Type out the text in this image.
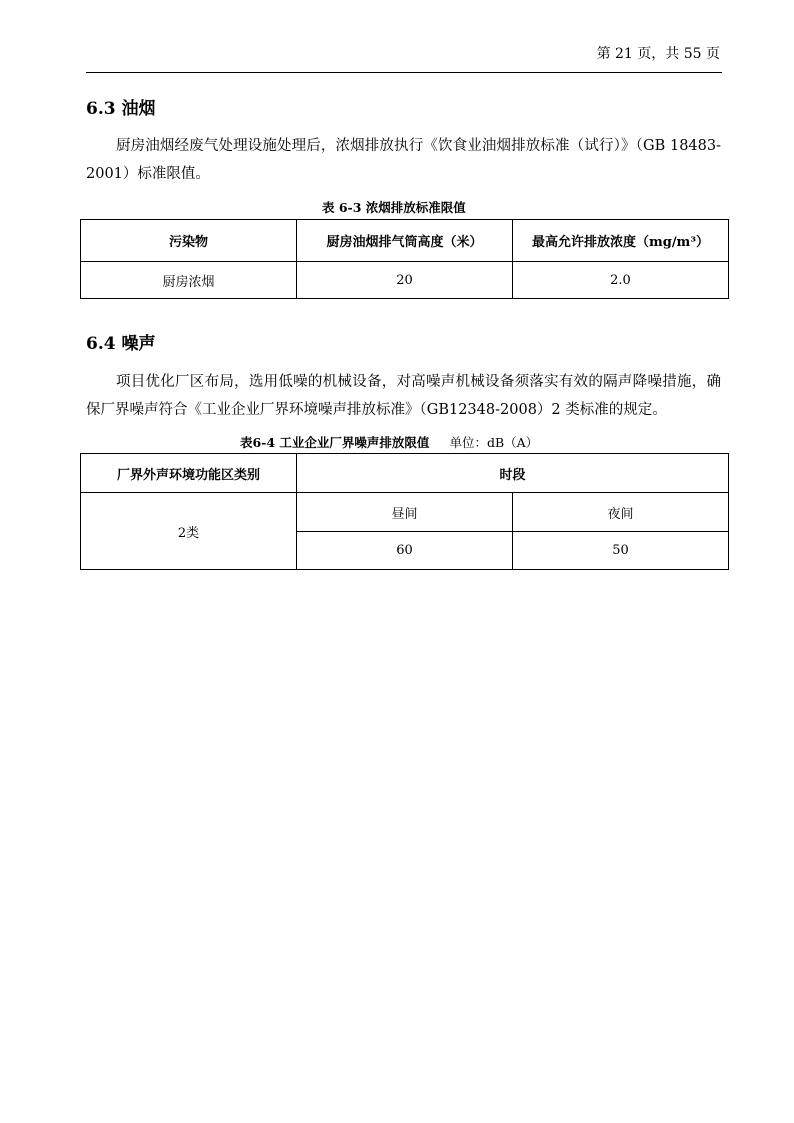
第 21 页，共 55 页
6.3 油烟

厨房油烟经废气处理设施处理后，浓烟排放执行《饮食业油烟排放标准（试行）》（GB 18483-2001）标准限值。

表 6-3 浓烟排放标准限值
污染物	厨房油烟排气筒高度（米）	最高允许排放浓度（mg/m³）
厨房浓烟	20	2.0
6.4 噪声

项目优化厂区布局，选用低噪的机械设备，对高噪声机械设备须落实有效的隔声降噪措施，确保厂界噪声符合《工业企业厂界环境噪声排放标准》（GB12348-2008）2 类标准的规定。

表6-4 工业企业厂界噪声排放限值 单位：dB（A）
厂界外声环境功能区类别	时段	
2类	昼间	夜间
	60	50
